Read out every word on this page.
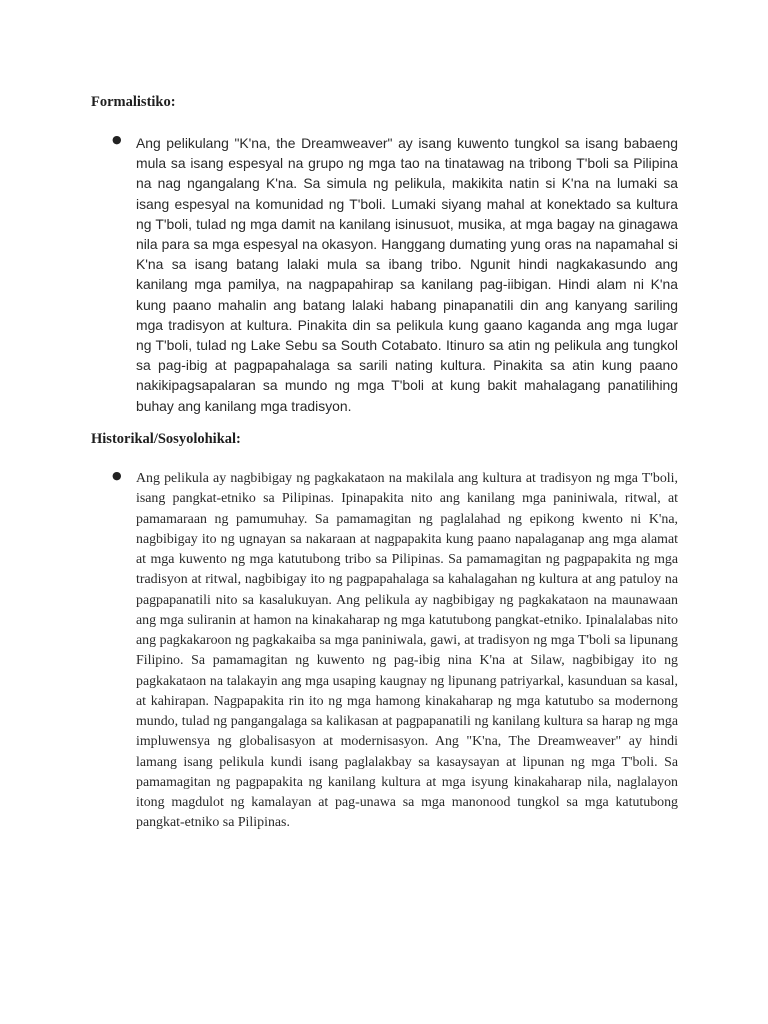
Formalistiko:
● Ang pelikulang "K'na, the Dreamweaver" ay isang kuwento tungkol sa isang babaeng mula sa isang espesyal na grupo ng mga tao na tinatawag na tribong T'boli sa Pilipina na nag ngangalang K'na. Sa simula ng pelikula, makikita natin si K'na na lumaki sa isang espesyal na komunidad ng T'boli. Lumaki siyang mahal at konektado sa kultura ng T'boli, tulad ng mga damit na kanilang isinusuot, musika, at mga bagay na ginagawa nila para sa mga espesyal na okasyon. Hanggang dumating yung oras na napamahal si K'na sa isang batang lalaki mula sa ibang tribo. Ngunit hindi nagkakasundo ang kanilang mga pamilya, na nagpapahirap sa kanilang pag-iibigan. Hindi alam ni K'na kung paano mahalin ang batang lalaki habang pinapanatili din ang kanyang sariling mga tradisyon at kultura. Pinakita din sa pelikula kung gaano kaganda ang mga lugar ng T'boli, tulad ng Lake Sebu sa South Cotabato. Itinuro sa atin ng pelikula ang tungkol sa pag-ibig at pagpapahalaga sa sarili nating kultura. Pinakita sa atin kung paano nakikipagsapalaran sa mundo ng mga T'boli at kung bakit mahalagang panatilihing buhay ang kanilang mga tradisyon.

Historikal/Sosyolohikal:
● Ang pelikula ay nagbibigay ng pagkakataon na makilala ang kultura at tradisyon ng mga T'boli, isang pangkat-etniko sa Pilipinas. Ipinapakita nito ang kanilang mga paniniwala, ritwal, at pamamaraan ng pamumuhay. Sa pamamagitan ng paglalahad ng epikong kwento ni K'na, nagbibigay ito ng ugnayan sa nakaraan at nagpapakita kung paano napalaganap ang mga alamat at mga kuwento ng mga katutubong tribo sa Pilipinas. Sa pamamagitan ng pagpapakita ng mga tradisyon at ritwal, nagbibigay ito ng pagpapahalaga sa kahalagahan ng kultura at ang patuloy na pagpapanatili nito sa kasalukuyan. Ang pelikula ay nagbibigay ng pagkakataon na maunawaan ang mga suliranin at hamon na kinakaharap ng mga katutubong pangkat-etniko. Ipinalalabas nito ang pagkakaroon ng pagkakaiba sa mga paniniwala, gawi, at tradisyon ng mga T'boli sa lipunang Filipino. Sa pamamagitan ng kuwento ng pag-ibig nina K'na at Silaw, nagbibigay ito ng pagkakataon na talakayin ang mga usaping kaugnay ng lipunang patriyarkal, kasunduan sa kasal, at kahirapan. Nagpapakita rin ito ng mga hamong kinakaharap ng mga katutubo sa modernong mundo, tulad ng pangangalaga sa kalikasan at pagpapanatili ng kanilang kultura sa harap ng mga impluwensya ng globalisasyon at modernisasyon. Ang "K'na, The Dreamweaver" ay hindi lamang isang pelikula kundi isang paglalakbay sa kasaysayan at lipunan ng mga T'boli. Sa pamamagitan ng pagpapakita ng kanilang kultura at mga isyung kinakaharap nila, naglalayon itong magdulot ng kamalayan at pag-unawa sa mga manonood tungkol sa mga katutubong pangkat-etniko sa Pilipinas.
